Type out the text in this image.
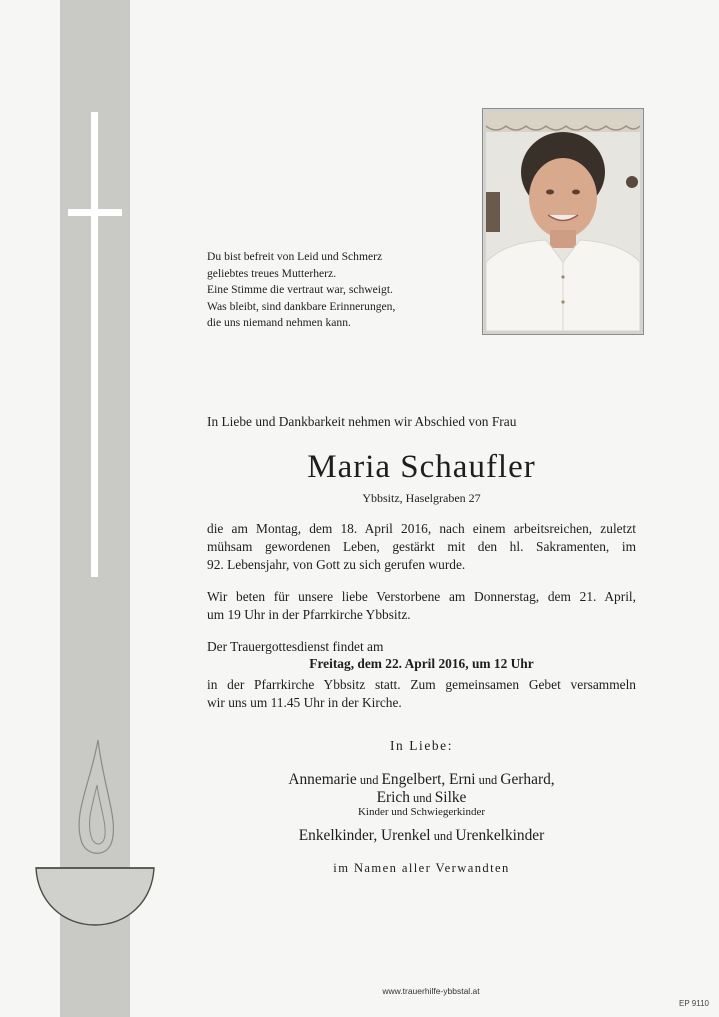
Du bist befreit von Leid und Schmerz
geliebtes treues Mutterherz.
Eine Stimme die vertraut war, schweigt.
Was bleibt, sind dankbare Erinnerungen,
die uns niemand nehmen kann.
In Liebe und Dankbarkeit nehmen wir Abschied von Frau
Maria Schaufler
Ybbsitz, Haselgraben 27
die am Montag, dem 18. April 2016, nach einem arbeitsreichen, zuletzt
mühsam gewordenen Leben, gestärkt mit den hl. Sakramenten, im
92. Lebensjahr, von Gott zu sich gerufen wurde.
Wir beten für unsere liebe Verstorbene am Donnerstag, dem 21. April,
um 19 Uhr in der Pfarrkirche Ybbsitz.
Der Trauergottesdienst findet am
Freitag, dem 22. April 2016, um 12 Uhr
in der Pfarrkirche Ybbsitz statt. Zum gemeinsamen Gebet versammeln
wir uns um 11.45 Uhr in der Kirche.
In Liebe:
Annemarie und Engelbert, Erni und Gerhard,
Erich und Silke
Kinder und Schwiegerkinder
Enkelkinder, Urenkel und Urenkelkinder
im Namen aller Verwandten
www.trauerhilfe-ybbstal.at
EP 9110
